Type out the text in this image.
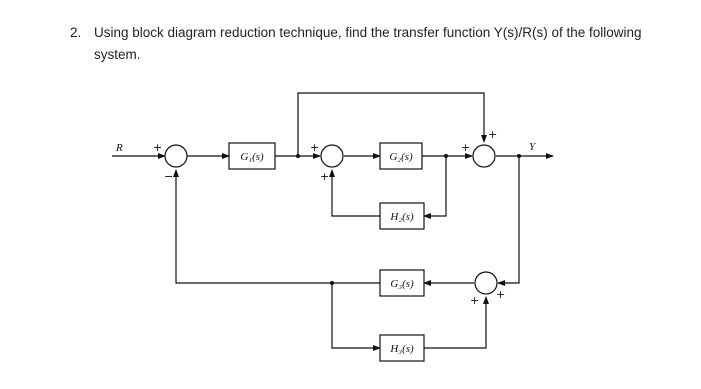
2. Using block diagram reduction technique, find the transfer function Y(s)/R(s) of the following system.
G₁(s)	G₂(s)
H₂(s)
G₃(s)
H₃(s)
R	Y
+
−
+
+
+
+
+ +
